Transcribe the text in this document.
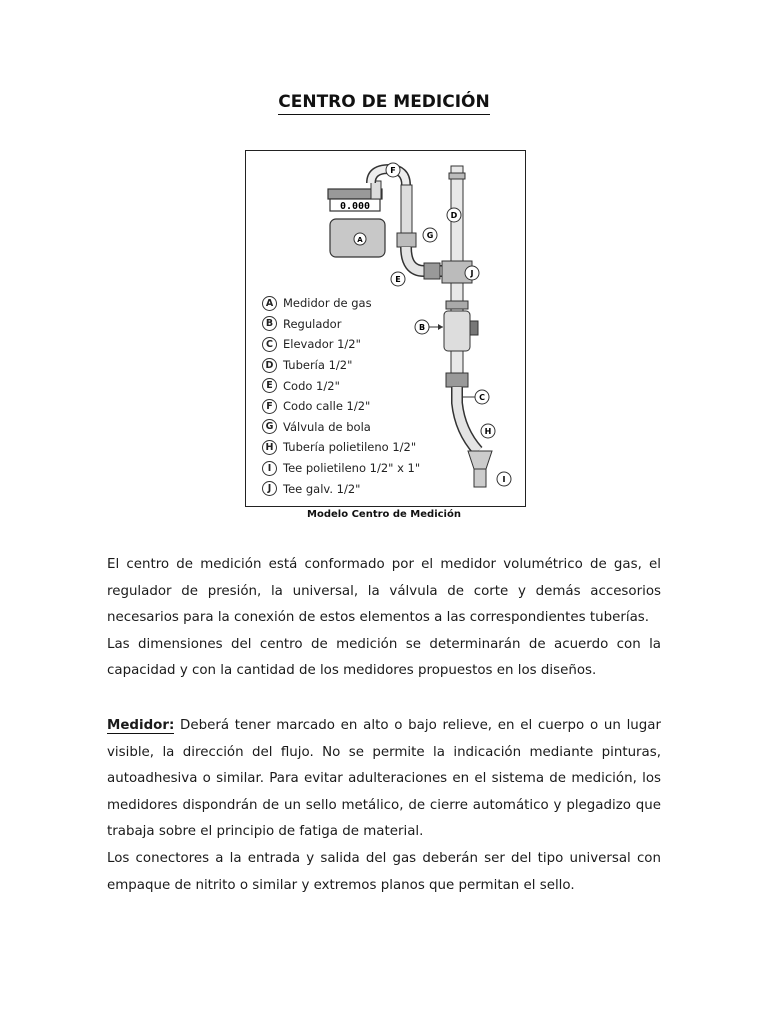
CENTRO DE MEDICIÓN
0.000
A
F
G
E
D
J
B
C
H
I
A Medidor de gas
B Regulador
C Elevador 1/2"
D Tubería 1/2"
E Codo 1/2"
F Codo calle 1/2"
G Válvula de bola
H Tubería polietileno 1/2"
I	Tee polietileno 1/2" x 1"
J	Tee galv. 1/2"
Modelo Centro de Medición

El centro de medición está conformado por el medidor volumétrico de gas, el regulador de presión, la universal, la válvula de corte y demás accesorios necesarios para la conexión de estos elementos a las correspondientes tuberías.

Las dimensiones del centro de medición se determinarán de acuerdo con la capacidad y con la cantidad de los medidores propuestos en los diseños.

Medidor: Deberá tener marcado en alto o bajo relieve, en el cuerpo o un lugar visible, la dirección del flujo. No se permite la indicación mediante pinturas, autoadhesiva o similar. Para evitar adulteraciones en el sistema de medición, los medidores dispondrán de un sello metálico, de cierre automático y plegadizo que trabaja sobre el principio de fatiga de material.

Los conectores a la entrada y salida del gas deberán ser del tipo universal con empaque de nitrito o similar y extremos planos que permitan el sello.
